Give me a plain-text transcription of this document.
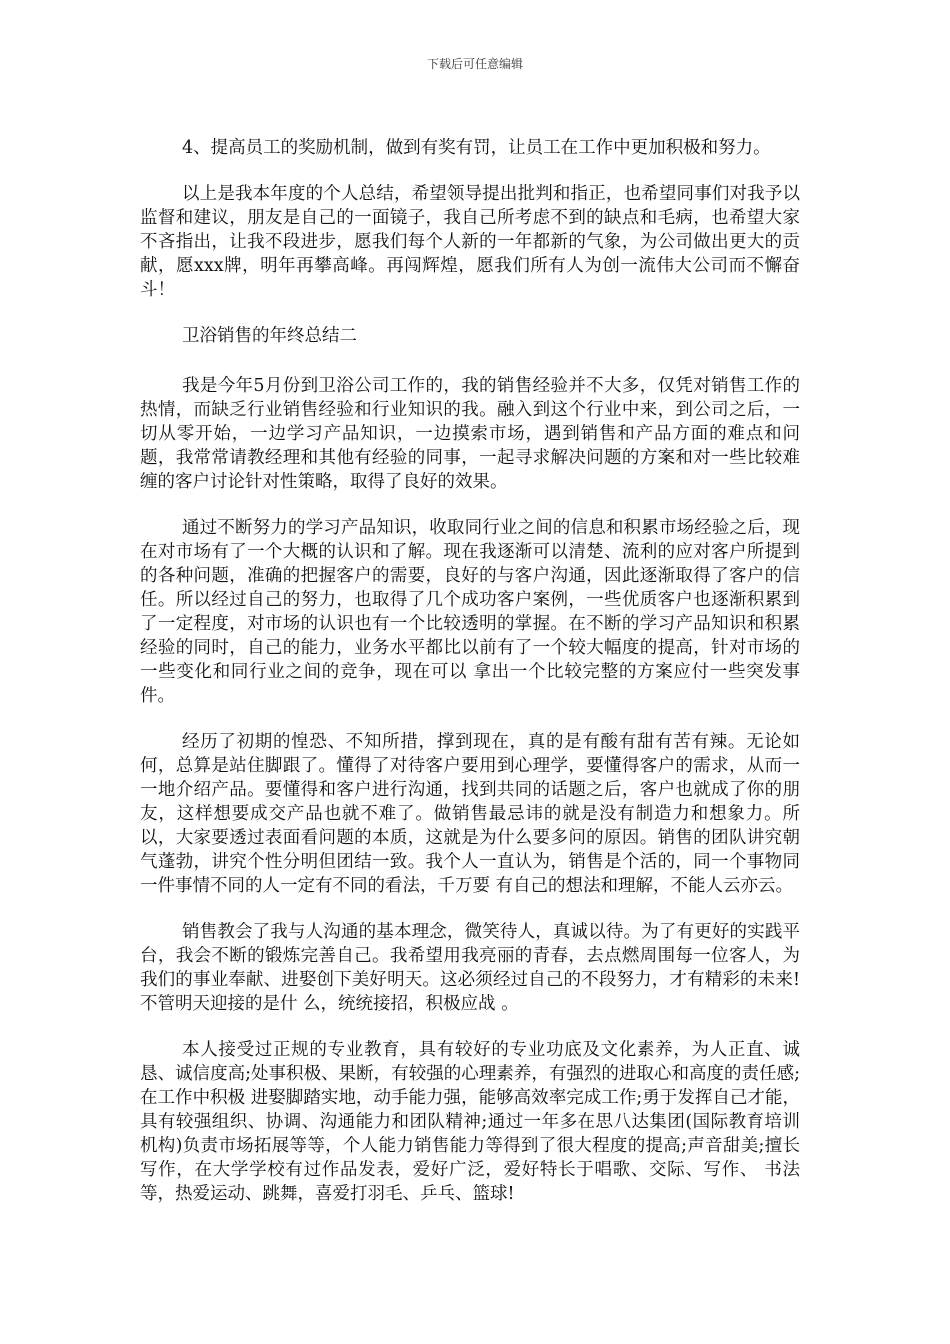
下载后可任意编辑

4、提高员工的奖励机制，做到有奖有罚，让员工在工作中更加积极和努力。

以上是我本年度的个人总结，希望领导提出批判和指正，也希望同事们对我予以监督和建议，朋友是自己的一面镜子，我自己所考虑不到的缺点和毛病，也希望大家不吝指出，让我不段进步，愿我们每个人新的一年都新的气象，为公司做出更大的贡献，愿xxx牌，明年再攀高峰。再闯辉煌，愿我们所有人为创一流伟大公司而不懈奋斗！

卫浴销售的年终总结二

我是今年5月份到卫浴公司工作的，我的销售经验并不大多，仅凭对销售工作的热情，而缺乏行业销售经验和行业知识的我。融入到这个行业中来，到公司之后，一切从零开始，一边学习产品知识，一边摸索市场，遇到销售和产品方面的难点和问题，我常常请教经理和其他有经验的同事，一起寻求解决问题的方案和对一些比较难缠的客户讨论针对性策略，取得了良好的效果。

通过不断努力的学习产品知识，收取同行业之间的信息和积累市场经验之后，现在对市场有了一个大概的认识和了解。现在我逐渐可以清楚、流利的应对客户所提到的各种问题，准确的把握客户的需要，良好的与客户沟通，因此逐渐取得了客户的信任。所以经过自己的努力，也取得了几个成功客户案例，一些优质客户也逐渐积累到了一定程度，对市场的认识也有一个比较透明的掌握。在不断的学习产品知识和积累经验的同时，自己的能力，业务水平都比以前有了一个较大幅度的提高，针对市场的一些变化和同行业之间的竞争，现在可以 拿出一个比较完整的方案应付一些突发事件。

经历了初期的惶恐、不知所措，撑到现在，真的是有酸有甜有苦有辣。无论如何，总算是站住脚跟了。懂得了对待客户要用到心理学，要懂得客户的需求，从而一一地介绍产品。要懂得和客户进行沟通，找到共同的话题之后，客户也就成了你的朋友，这样想要成交产品也就不难了。做销售最忌讳的就是没有制造力和想象力。所以，大家要透过表面看问题的本质，这就是为什么要多问的原因。销售的团队讲究朝气蓬勃，讲究个性分明但团结一致。我个人一直认为，销售是个活的，同一个事物同一件事情不同的人一定有不同的看法，千万要 有自己的想法和理解，不能人云亦云。

销售教会了我与人沟通的基本理念，微笑待人，真诚以待。为了有更好的实践平台，我会不断的锻炼完善自己。我希望用我亮丽的青春，去点燃周围每一位客人，为我们的事业奉献、进娶创下美好明天。这必须经过自己的不段努力，才有精彩的未来!不管明天迎接的是什 么，统统接招，积极应战 。

本人接受过正规的专业教育，具有较好的专业功底及文化素养，为人正直、诚恳、诚信度高;处事积极、果断，有较强的心理素养，有强烈的进取心和高度的责任感;在工作中积极 进娶脚踏实地，动手能力强，能够高效率完成工作;勇于发挥自己才能，具有较强组织、协调、沟通能力和团队精神;通过一年多在思八达集团(国际教育培训机构)负责市场拓展等等，个人能力销售能力等得到了很大程度的提高;声音甜美;擅长写作，在大学学校有过作品发表，爱好广泛，爱好特长于唱歌、交际、写作、 书法等，热爱运动、跳舞，喜爱打羽毛、乒乓、篮球!
